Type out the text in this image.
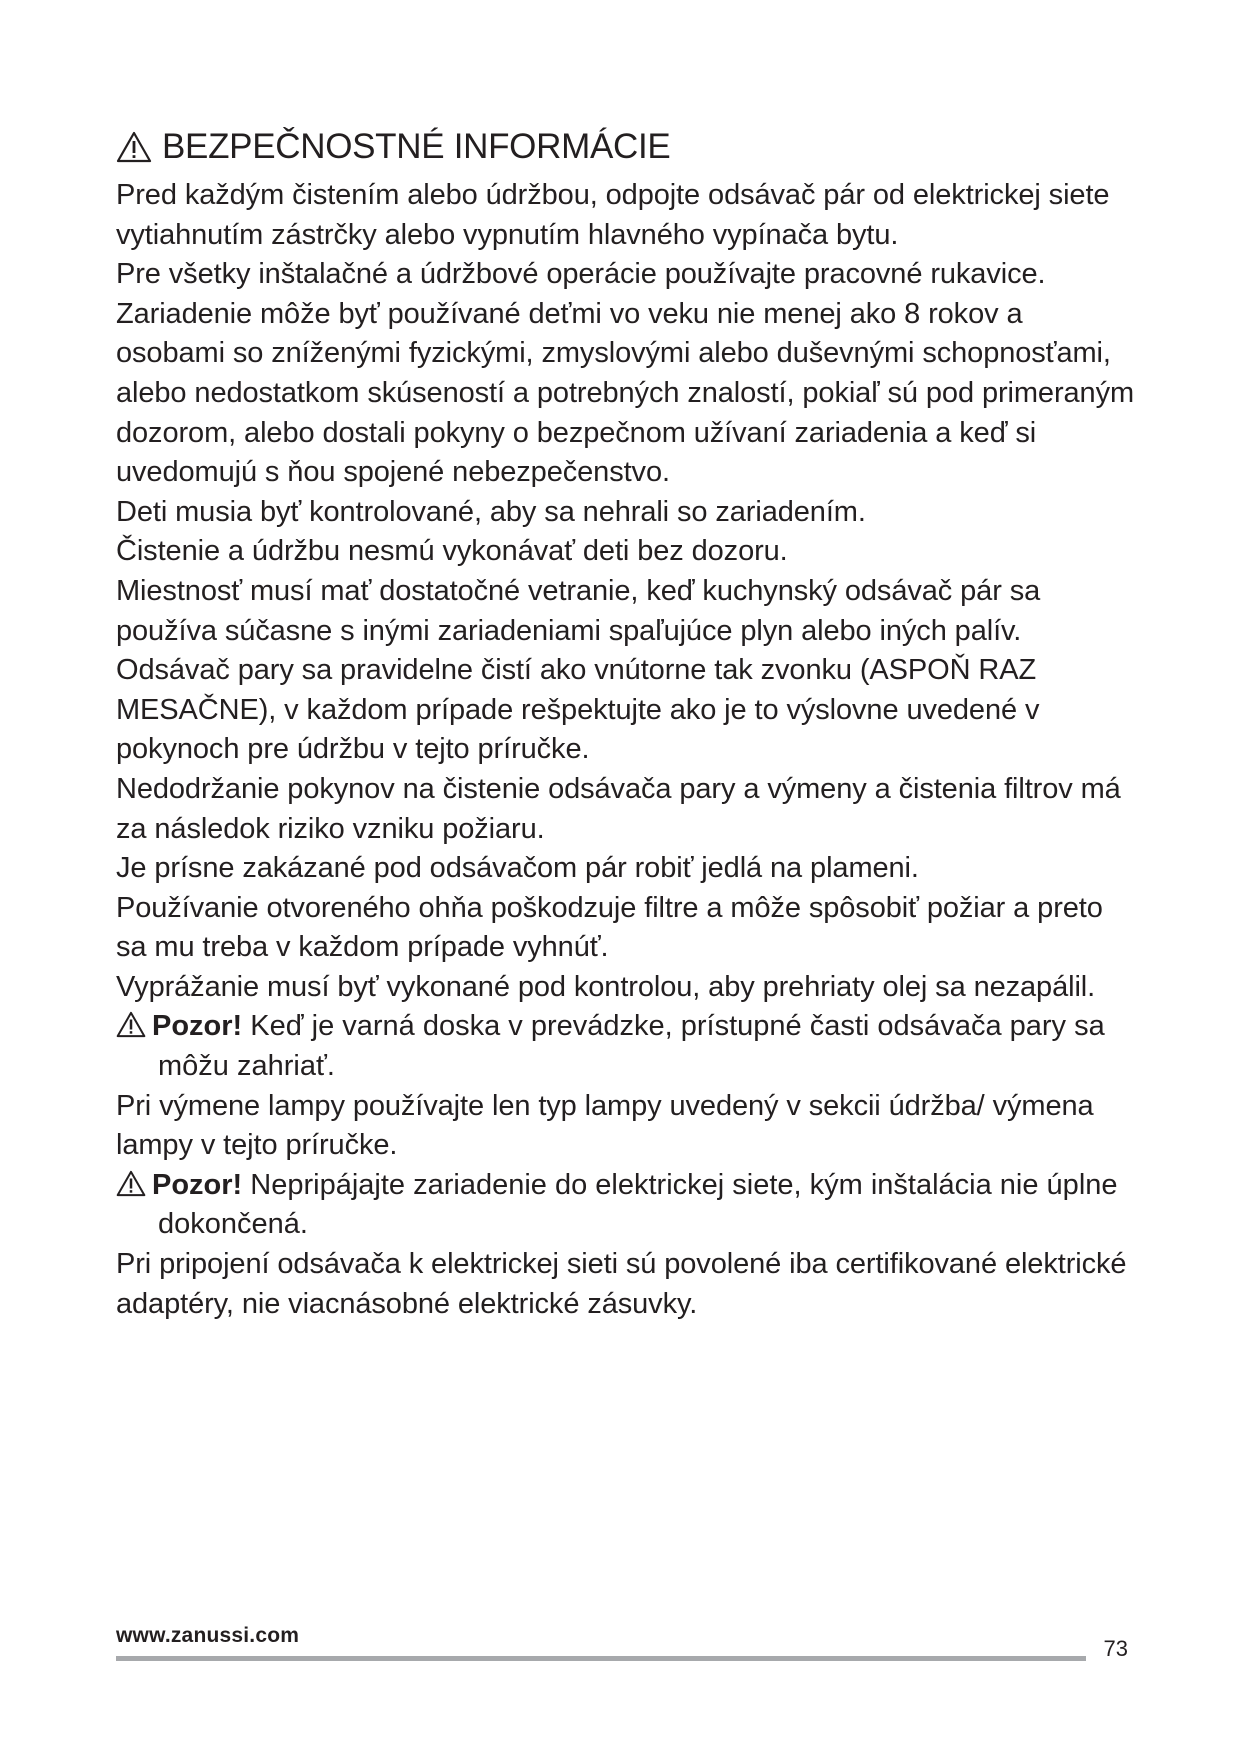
BEZPEČNOSTNÉ INFORMÁCIE

Pred každým čistením alebo údržbou, odpojte odsávač pár od elektrickej siete vytiahnutím zástrčky alebo vypnutím hlavného vypínača bytu.

Pre všetky inštalačné a údržbové operácie používajte pracovné rukavice.

Zariadenie môže byť používané deťmi vo veku nie menej ako 8 rokov a osobami so zníženými fyzickými, zmyslovými alebo duševnými schopnosťami, alebo nedostatkom skúseností a potrebných znalostí, pokiaľ sú pod primeraným dozorom, alebo dostali pokyny o bezpečnom užívaní zariadenia a keď si uvedomujú s ňou spojené nebezpečenstvo.

Deti musia byť kontrolované, aby sa nehrali so zariadením.

Čistenie a údržbu nesmú vykonávať deti bez dozoru.

Miestnosť musí mať dostatočné vetranie, keď kuchynský odsávač pár sa používa súčasne s inými zariadeniami spaľujúce plyn alebo iných palív.

Odsávač pary sa pravidelne čistí ako vnútorne tak zvonku (ASPOŇ RAZ MESAČNE), v každom prípade rešpektujte ako je to výslovne uvedené v pokynoch pre údržbu v tejto príručke.

Nedodržanie pokynov na čistenie odsávača pary a výmeny a čistenia filtrov má za následok riziko vzniku požiaru.

Je prísne zakázané pod odsávačom pár robiť jedlá na plameni.

Používanie otvoreného ohňa poškodzuje filtre a môže spôsobiť požiar a preto sa mu treba v každom prípade vyhnúť.

Vyprážanie musí byť vykonané pod kontrolou, aby prehriaty olej sa nezapálil.

Pozor! Keď je varná doska v prevádzke, prístupné časti odsávača pary sa môžu zahriať.

Pri výmene lampy používajte len typ lampy uvedený v sekcii údržba/ výmena lampy v tejto príručke.

Pozor! Nepripájajte zariadenie do elektrickej siete, kým inštalácia nie úplne dokončená.

Pri pripojení odsávača k elektrickej sieti sú povolené iba certifikované elektrické adaptéry, nie viacnásobné elektrické zásuvky.

www.zanussi.com
73
